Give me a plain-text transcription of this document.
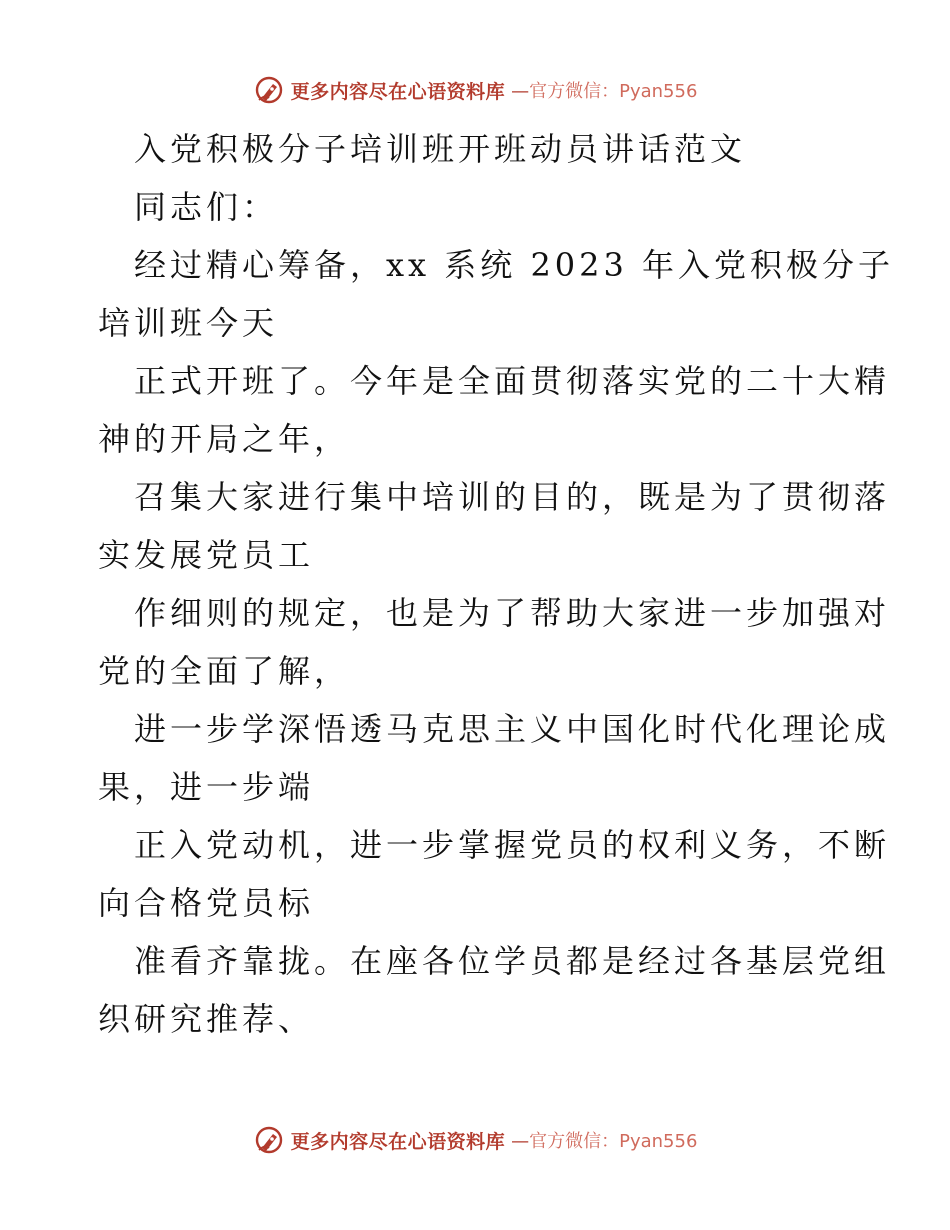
更多内容尽在心语资料库 —官方微信：Pyan556
入党积极分子培训班开班动员讲话范文
同志们：
经过精心筹备，xx 系统 2023 年入党积极分子
培训班今天
正式开班了。今年是全面贯彻落实党的二十大精
神的开局之年，
召集大家进行集中培训的目的，既是为了贯彻落
实发展党员工
作细则的规定，也是为了帮助大家进一步加强对
党的全面了解，
进一步学深悟透马克思主义中国化时代化理论成
果，进一步端
正入党动机，进一步掌握党员的权利义务，不断
向合格党员标
准看齐靠拢。在座各位学员都是经过各基层党组
织研究推荐、
更多内容尽在心语资料库 —官方微信：Pyan556
